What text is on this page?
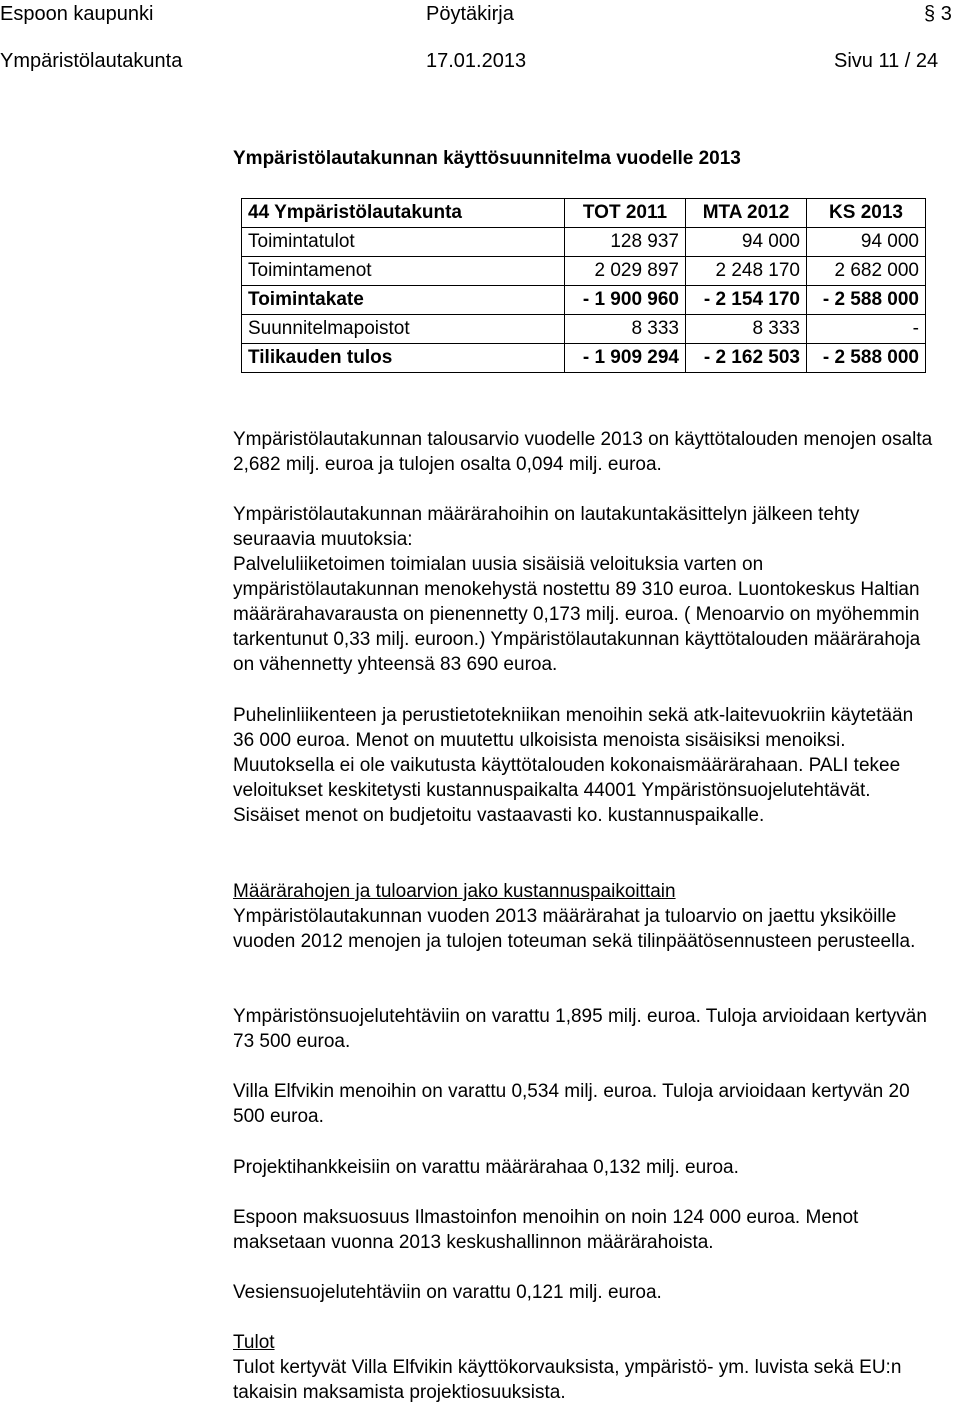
Espoon kaupunki	Pöytäkirja	§ 3
Ympäristölautakunta	17.01.2013	Sivu 11 / 24
Ympäristölautakunnan käyttösuunnitelma vuodelle 2013
44 Ympäristölautakunta	TOT 2011	MTA 2012	KS 2013
Toimintatulot	128 937	94 000	94 000
Toimintamenot	2 029 897	2 248 170	2 682 000
Toimintakate	- 1 900 960	- 2 154 170	- 2 588 000
Suunnitelmapoistot	8 333	8 333	-
Tilikauden tulos	- 1 909 294	- 2 162 503	- 2 588 000

Ympäristölautakunnan talousarvio vuodelle 2013 on käyttötalouden menojen osalta 2,682 milj. euroa ja tulojen osalta 0,094 milj. euroa.

Ympäristölautakunnan määrärahoihin on lautakuntakäsittelyn jälkeen tehty seuraavia muutoksia:

Palveluliiketoimen toimialan uusia sisäisiä veloituksia varten on ympäristölautakunnan menokehystä nostettu 89 310 euroa. Luontokeskus Haltian määrärahavarausta on pienennetty 0,173 milj. euroa. ( Menoarvio on myöhemmin tarkentunut 0,33 milj. euroon.) Ympäristölautakunnan käyttötalouden määrärahoja on vähennetty yhteensä 83 690 euroa.

Puhelinliikenteen ja perustietotekniikan menoihin sekä atk-laitevuokriin käytetään 36 000 euroa. Menot on muutettu ulkoisista menoista sisäisiksi menoiksi. Muutoksella ei ole vaikutusta käyttötalouden kokonaismäärärahaan. PALI tekee veloitukset keskitetysti kustannuspaikalta 44001 Ympäristönsuojelutehtävät. Sisäiset menot on budjetoitu vastaavasti ko. kustannuspaikalle.

Määrärahojen ja tuloarvion jako kustannuspaikoittain

Ympäristölautakunnan vuoden 2013 määrärahat ja tuloarvio on jaettu yksiköille vuoden 2012 menojen ja tulojen toteuman sekä tilinpäätösennusteen perusteella.

Ympäristönsuojelutehtäviin on varattu 1,895 milj. euroa. Tuloja arvioidaan kertyvän 73 500 euroa.

Villa Elfvikin menoihin on varattu 0,534 milj. euroa. Tuloja arvioidaan kertyvän 20 500 euroa.

Projektihankkeisiin on varattu määrärahaa 0,132 milj. euroa.

Espoon maksuosuus Ilmastoinfon menoihin on noin 124 000 euroa. Menot maksetaan vuonna 2013 keskushallinnon määrärahoista.

Vesiensuojelutehtäviin on varattu 0,121 milj. euroa.

Tulot

Tulot kertyvät Villa Elfvikin käyttökorvauksista, ympäristö- ym. luvista sekä EU:n takaisin maksamista projektiosuuksista.
